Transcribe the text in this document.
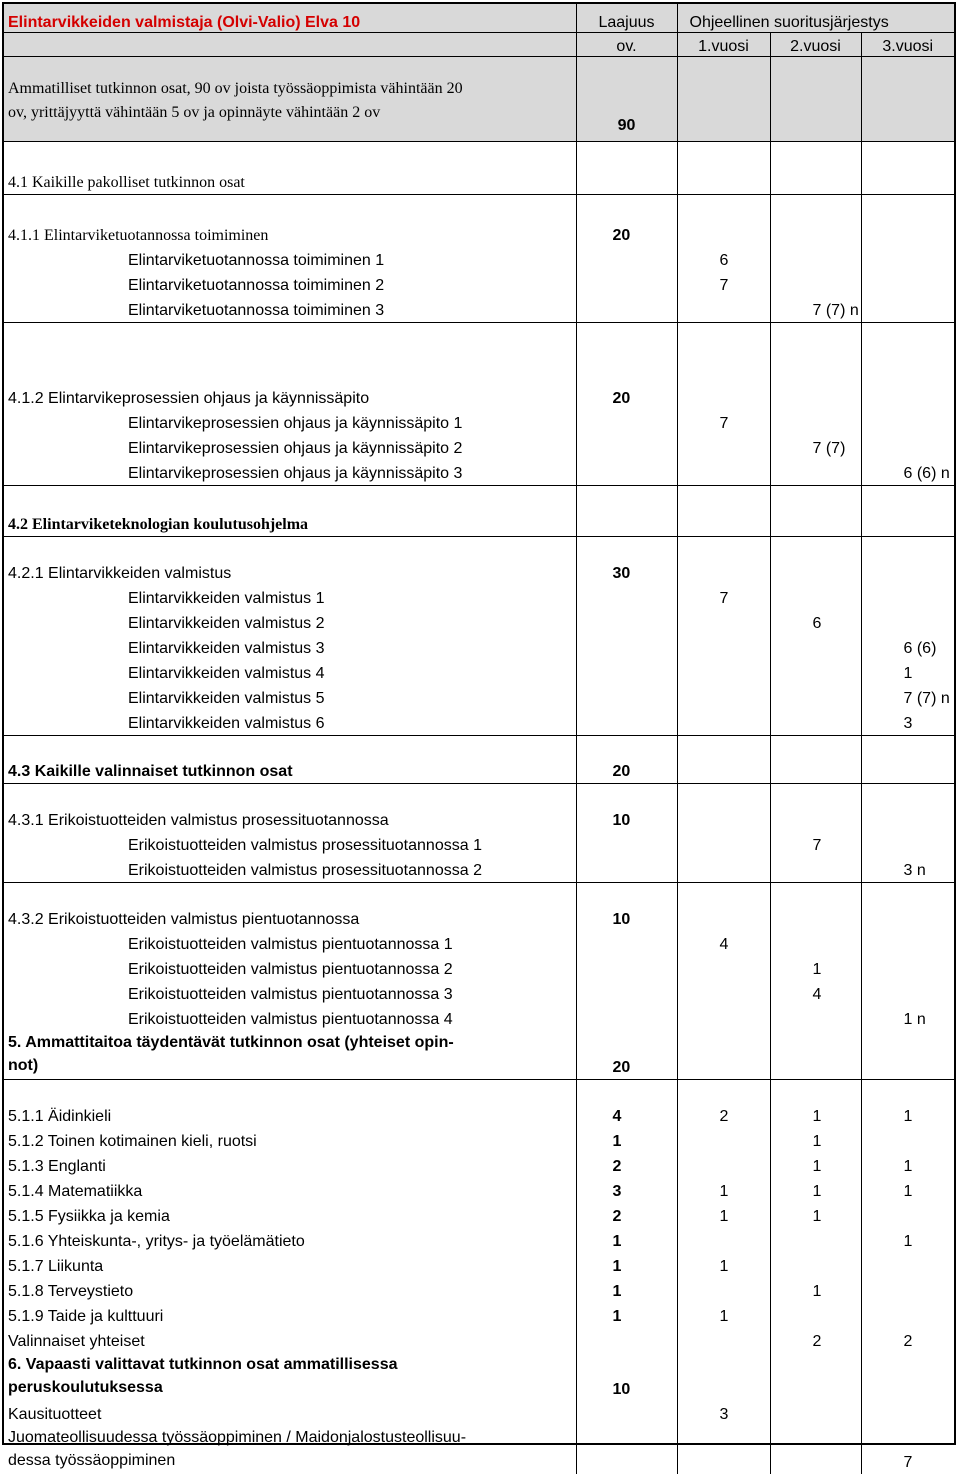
Elintarvikkeiden valmistaja (Olvi-Valio) Elva 10	Laajuus	Ohjeellinen suoritusjärjestys		
	ov.	1.vuosi	2.vuosi	3.vuosi

Ammatilliset tutkinnon osat, 90 ov joista työssäoppimista vähintään 20
ov, yrittäjyyttä vähintään 5 ov ja opinnäyte vähintään 2 ov	90			
4.1 Kaikille pakolliset tutkinnon osat				
4.1.1 Elintarviketuotannossa toimiminen	20			
Elintarviketuotannossa toimiminen 1		6		
Elintarviketuotannossa toimiminen 2		7		
Elintarviketuotannossa toimiminen 3			7 (7) n	
4.1.2 Elintarvikeprosessien ohjaus ja käynnissäpito	20			
Elintarvikeprosessien ohjaus ja käynnissäpito 1		7		
Elintarvikeprosessien ohjaus ja käynnissäpito 2			7 (7)	
Elintarvikeprosessien ohjaus ja käynnissäpito 3				6 (6) n
4.2 Elintarviketeknologian koulutusohjelma				
4.2.1 Elintarvikkeiden valmistus	30			
Elintarvikkeiden valmistus 1		7		
Elintarvikkeiden valmistus 2			6	
Elintarvikkeiden valmistus 3				6 (6)
Elintarvikkeiden valmistus 4				1
Elintarvikkeiden valmistus 5				7 (7) n
Elintarvikkeiden valmistus 6				3
4.3 Kaikille valinnaiset tutkinnon osat	20			
4.3.1 Erikoistuotteiden valmistus prosessituotannossa	10			
Erikoistuotteiden valmistus prosessituotannossa 1			7	
Erikoistuotteiden valmistus prosessituotannossa 2				3 n
4.3.2 Erikoistuotteiden valmistus pientuotannossa	10			
Erikoistuotteiden valmistus pientuotannossa 1		4		
Erikoistuotteiden valmistus pientuotannossa 2			1	
Erikoistuotteiden valmistus pientuotannossa 3			4	
Erikoistuotteiden valmistus pientuotannossa 4				1 n

5. Ammattitaitoa täydentävät tutkinnon osat (yhteiset opin-
not)	20			
5.1.1 Äidinkieli	4	2	1	1
5.1.2 Toinen kotimainen kieli, ruotsi	1		1	
5.1.3 Englanti	2		1	1
5.1.4 Matematiikka	3	1	1	1
5.1.5 Fysiikka ja kemia	2	1	1	
5.1.6 Yhteiskunta-, yritys- ja työelämätieto	1			1
5.1.7 Liikunta	1	1		
5.1.8 Terveystieto	1		1	
5.1.9 Taide ja kulttuuri	1	1		
Valinnaiset yhteiset			2	2

6. Vapaasti valittavat tutkinnon osat ammatillisessa
peruskoulutuksessa	10			
Kausituotteet		3		

Juomateollisuudessa työssäoppiminen / Maidonjalostusteollisuu-
dessa työssäoppiminen				7
